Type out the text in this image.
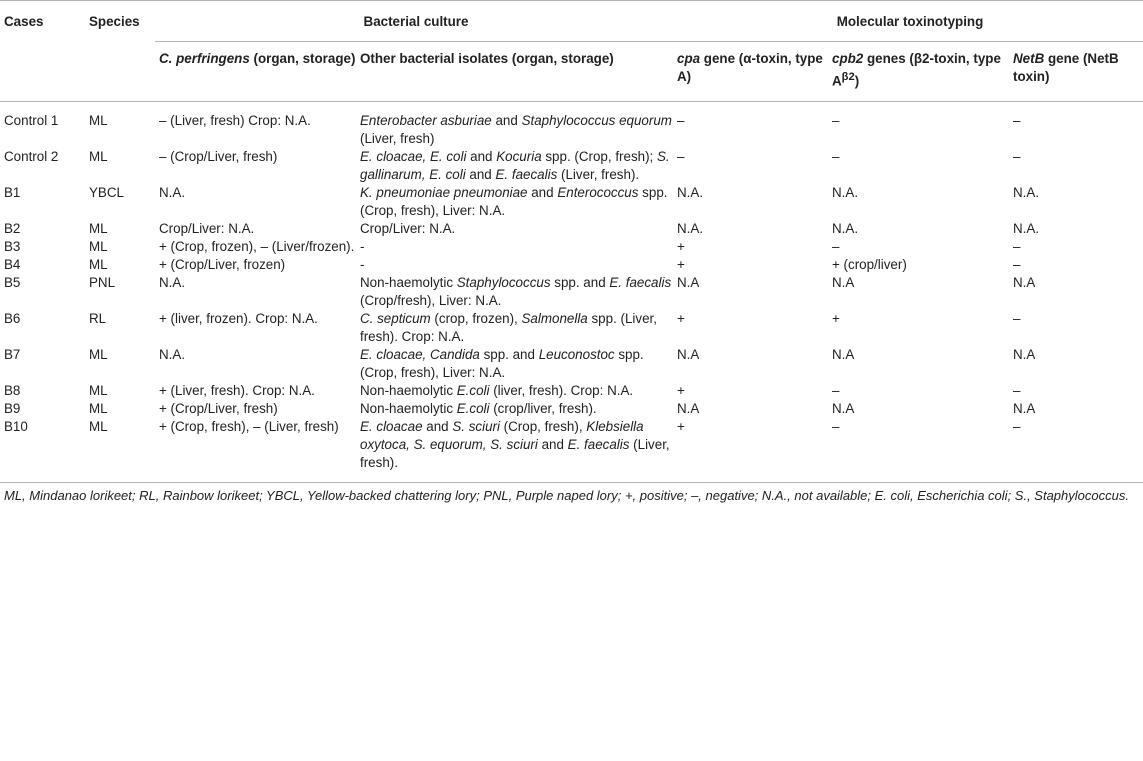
Cases	Species	Bacterial culture		Molecular toxinotyping		
		C. perfringens (organ, storage)	Other bacterial isolates (organ, storage)	cpa gene (α-toxin, type A)	cpb2 genes (β2-toxin, type $A^{\beta 2}$)	NetB gene (NetB toxin)
Control 1	ML	– (Liver, fresh) Crop: N.A.	Enterobacter asburiae and Staphylococcus equorum (Liver, fresh)	–	–	–
Control 2	ML	– (Crop/Liver, fresh)	E. cloacae, E. coli and Kocuria spp. (Crop, fresh); S. gallinarum, E. coli and E. faecalis (Liver, fresh).	–	–	–
B1	YBCL	N.A.	K. pneumoniae pneumoniae and Enterococcus spp. (Crop, fresh), Liver: N.A.	N.A.	N.A.	N.A.
B2	ML	Crop/Liver: N.A.	Crop/Liver: N.A.	N.A.	N.A.	N.A.
B3	ML	+ (Crop, frozen), – (Liver/frozen).	-	+	–	–
B4	ML	+ (Crop/Liver, frozen)	-	+	+ (crop/liver)	–
B5	PNL	N.A.	Non-haemolytic Staphylococcus spp. and E. faecalis (Crop/fresh), Liver: N.A.	N.A	N.A	N.A
B6	RL	+ (liver, frozen). Crop: N.A.	C. septicum (crop, frozen), Salmonella spp. (Liver, fresh). Crop: N.A.	+	+	–
B7	ML	N.A.	E. cloacae, Candida spp. and Leuconostoc spp. (Crop, fresh), Liver: N.A.	N.A	N.A	N.A
B8	ML	+ (Liver, fresh). Crop: N.A.	Non-haemolytic E.coli (liver, fresh). Crop: N.A.	+	–	–
B9	ML	+ (Crop/Liver, fresh)	Non-haemolytic E.coli (crop/liver, fresh).	N.A	N.A	N.A
B10	ML	+ (Crop, fresh), – (Liver, fresh)	E. cloacae and S. sciuri (Crop, fresh), Klebsiella oxytoca, S. equorum, S. sciuri and E. faecalis (Liver, fresh).	+	–	–
ML, Mindanao lorikeet; RL, Rainbow lorikeet; YBCL, Yellow-backed chattering lory; PNL, Purple naped lory; +, positive; –, negative; N.A., not available; E. coli, Escherichia coli; S., Staphylococcus.
